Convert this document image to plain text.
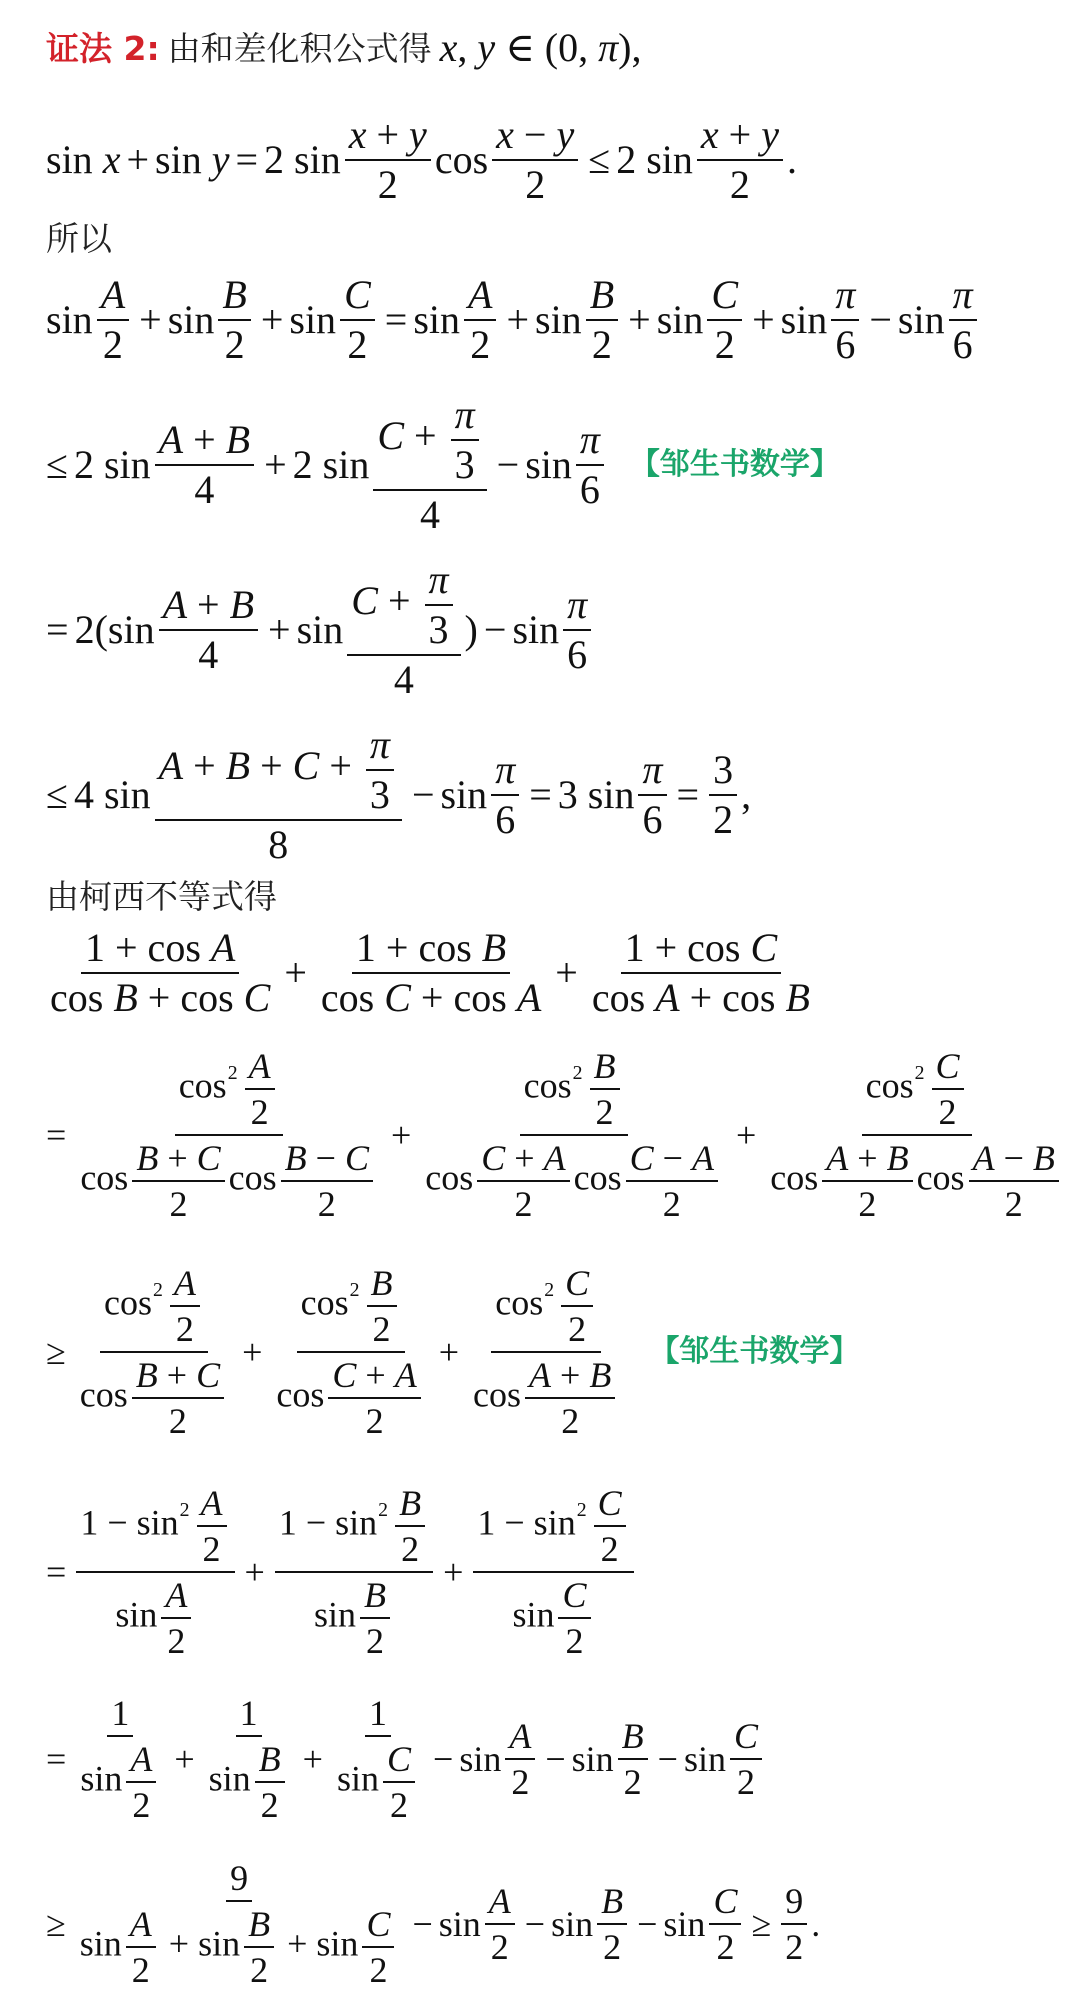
证法 2: 由和差化积公式得 x, y ∈ (0, π),
sin x + sin y = 2 $\sin \frac{x + y}{2}$ $\cos \frac{x - y}{2} \le 2$ $\sin \frac{x + y}{2}$ .
所以
$\sin \frac{A}{2} + \sin \frac{B}{2} + \sin \frac{C}{2} = \sin \frac{A}{2} + \sin \frac{B}{2} + \sin \frac{C}{2} + \sin \frac{\pi}{6} - \sin \frac{\pi}{6}$
≤ 2 $\sin \frac{A + B}{4} + 2$ $\sin \frac{C + \frac{\pi}{3}}{4} - \sin \frac{\pi}{6}$ 【邹生书数学】
= $2(\sin \frac{A + B}{4} + \sin \frac{C + \frac{\pi}{3}}{4}$ ) − $\sin \frac{\pi}{6}$
≤ 4 $\sin \frac{A + B + C + \frac{\pi}{3}}{8} - \sin \frac{\pi}{6} = 3$ $\sin \frac{\pi}{6} = \frac{3}{2}$ ,
由柯西不等式得
$\frac{\text{1 + cos A}}{\text{cos B + cos C}} + \frac{\text{1 + cos B}}{\text{cos C + cos A}} + \frac{\text{1 + cos C}}{\text{cos A + cos B}}$
= $\frac{\cos^2 \frac{A}{2}}{\cos \frac{B + C}{2} \cos \frac{B - C}{2}} + \frac{\cos^2 \frac{B}{2}}{\cos \frac{C + A}{2} \cos \frac{C - A}{2}} + \frac{\cos^2 \frac{C}{2}}{\cos \frac{A + B}{2} \cos \frac{A - B}{2}}$
≥ $\frac{\cos^2 \frac{A}{2}}{\cos \frac{B + C}{2}} + \frac{\cos^2 \frac{B}{2}}{\cos \frac{C + A}{2}} + \frac{\cos^2 \frac{C}{2}}{\cos \frac{A + B}{2}}$ 【邹生书数学】
= $\frac{1 - \sin^2 \frac{A}{2}}{\sin \frac{A}{2}} + \frac{1 - \sin^2 \frac{B}{2}}{\sin \frac{B}{2}} + \frac{1 - \sin^2 \frac{C}{2}}{\sin \frac{C}{2}}$
= $\frac{1}{\sin \frac{A}{2}} + \frac{1}{\sin \frac{B}{2}} + \frac{1}{\sin \frac{C}{2}} - \sin \frac{A}{2} - \sin \frac{B}{2} - \sin \frac{C}{2}$
≥ $\frac{9}{\sin \frac{A}{2} + \sin \frac{B}{2} + \sin \frac{C}{2}} - \sin \frac{A}{2} - \sin \frac{B}{2} - \sin \frac{C}{2} \ge \frac{9}{2}$ .
